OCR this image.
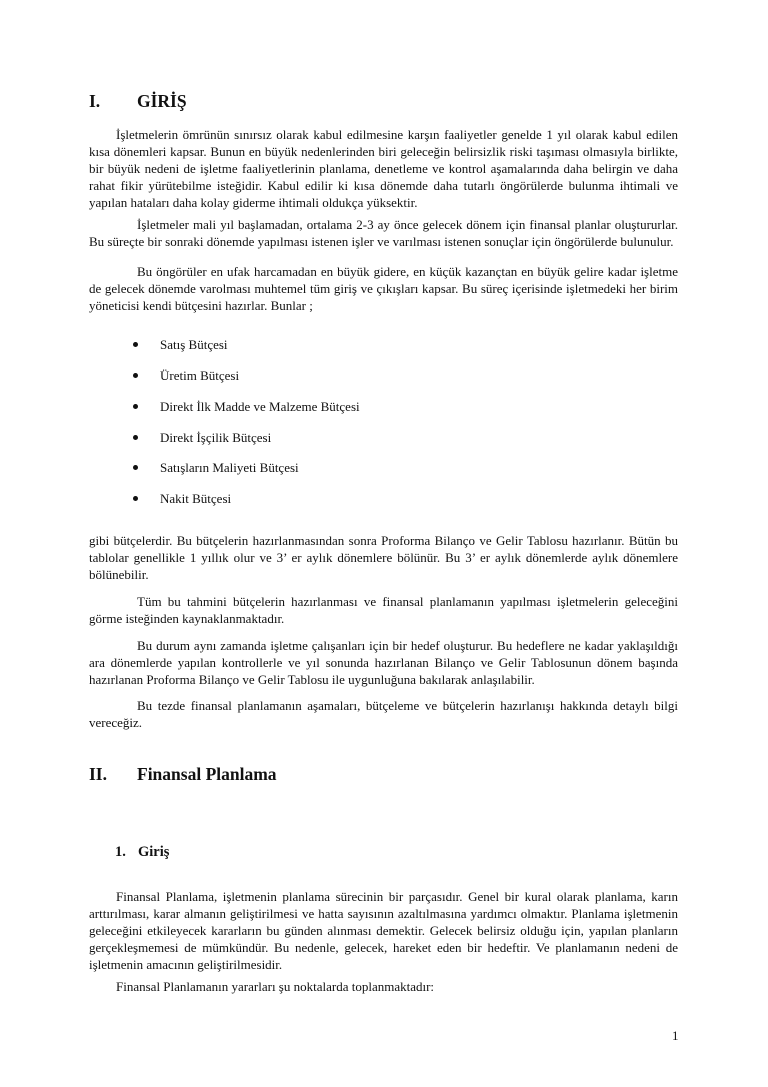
I. GİRİŞ

İşletmelerin ömrünün sınırsız olarak kabul edilmesine karşın faaliyetler genelde 1 yıl olarak kabul edilen kısa dönemleri kapsar. Bunun en büyük nedenlerinden biri geleceğin belirsizlik riski taşıması olmasıyla birlikte, bir büyük nedeni de işletme faaliyetlerinin planlama, denetleme ve kontrol aşamalarında daha belirgin ve daha rahat fikir yürütebilme isteğidir. Kabul edilir ki kısa dönemde daha tutarlı öngörülerde bulunma ihtimali ve yapılan hataları daha kolay giderme ihtimali oldukça yüksektir.

İşletmeler mali yıl başlamadan, ortalama 2-3 ay önce gelecek dönem için finansal planlar oluştururlar. Bu süreçte bir sonraki dönemde yapılması istenen işler ve varılması istenen sonuçlar için öngörülerde bulunulur.

Bu öngörüler en ufak harcamadan en büyük gidere, en küçük kazançtan en büyük gelire kadar işletme de gelecek dönemde varolması muhtemel tüm giriş ve çıkışları kapsar. Bu süreç içerisinde işletmedeki her birim yöneticisi kendi bütçesini hazırlar. Bunlar ;

Satış Bütçesi
Üretim Bütçesi
Direkt İlk Madde ve Malzeme Bütçesi
Direkt İşçilik Bütçesi
Satışların Maliyeti Bütçesi
Nakit Bütçesi

gibi bütçelerdir. Bu bütçelerin hazırlanmasından sonra Proforma Bilanço ve Gelir Tablosu hazırlanır. Bütün bu tablolar genellikle 1 yıllık olur ve 3’ er aylık dönemlere bölünür. Bu 3’ er aylık dönemlerde aylık dönemlere bölünebilir.

Tüm bu tahmini bütçelerin hazırlanması ve finansal planlamanın yapılması işletmelerin geleceğini görme isteğinden kaynaklanmaktadır.

Bu durum aynı zamanda işletme çalışanları için bir hedef oluşturur. Bu hedeflere ne kadar yaklaşıldığı ara dönemlerde yapılan kontrollerle ve yıl sonunda hazırlanan Bilanço ve Gelir Tablosunun dönem başında hazırlanan Proforma Bilanço ve Gelir Tablosu ile uygunluğuna bakılarak anlaşılabilir.

Bu tezde finansal planlamanın aşamaları, bütçeleme ve bütçelerin hazırlanışı hakkında detaylı bilgi vereceğiz.

II. Finansal Planlama
1. Giriş

Finansal Planlama, işletmenin planlama sürecinin bir parçasıdır. Genel bir kural olarak planlama, karın arttırılması, karar almanın geliştirilmesi ve hatta sayısının azaltılmasına yardımcı olmaktır. Planlama işletmenin geleceğini etkileyecek kararların bu günden alınması demektir. Gelecek belirsiz olduğu için, yapılan planların gerçekleşmemesi de mümkündür. Bu nedenle, gelecek, hareket eden bir hedeftir. Ve planlamanın nedeni de işletmenin amacının geliştirilmesidir.

Finansal Planlamanın yararları şu noktalarda toplanmaktadır:

1
